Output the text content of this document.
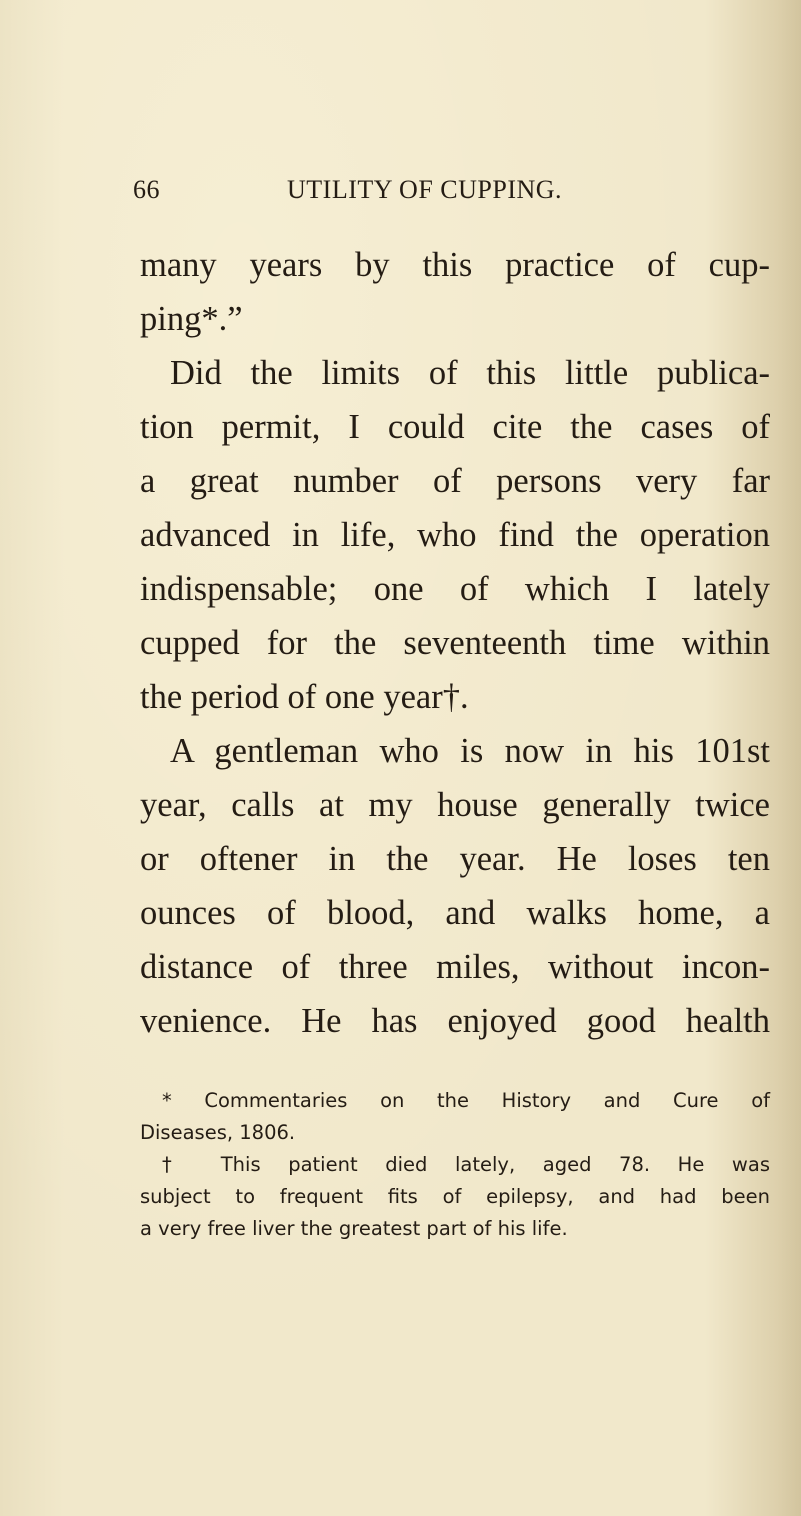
66	UTILITY OF CUPPING.
many years by this practice of cup-
ping*.”
Did the limits of this little publica-
tion permit, I could cite the cases of
a great number of persons very far
advanced in life, who find the operation
indispensable; one of which I lately
cupped for the seventeenth time within
the period of one year†.
A gentleman who is now in his 101st
year, calls at my house generally twice
or oftener in the year. He loses ten
ounces of blood, and walks home, a
distance of three miles, without incon-
venience. He has enjoyed good health
* Commentaries on the History and Cure of
Diseases, 1806.
† This patient died lately, aged 78. He was
subject to frequent fits of epilepsy, and had been
a very free liver the greatest part of his life.
